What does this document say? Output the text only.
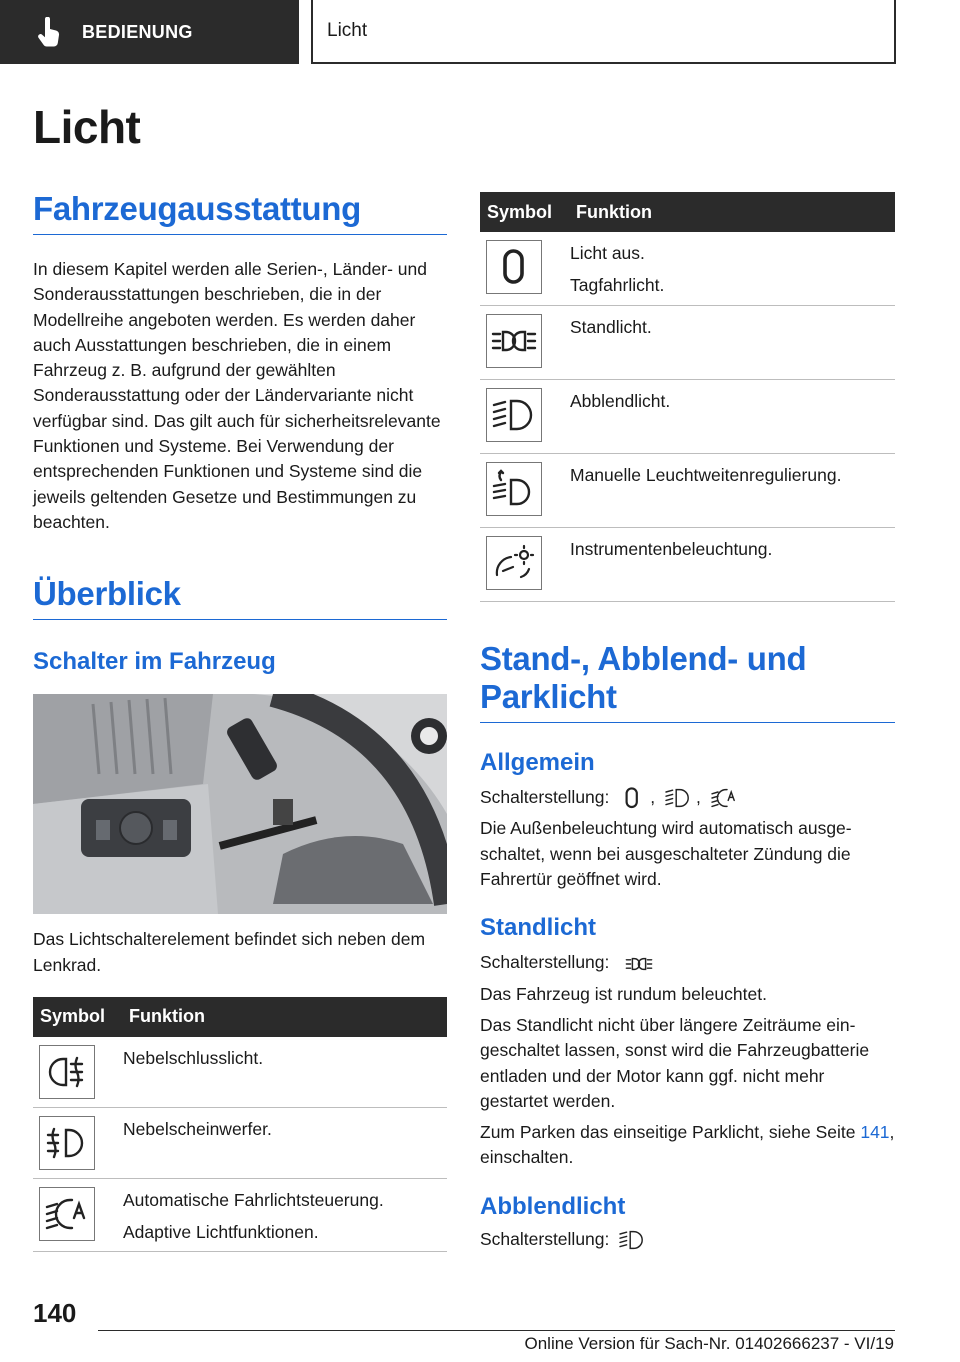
BEDIENUNG	Licht
Licht
Fahrzeugausstattung
In diesem Kapitel werden alle Serien-, Länder- und Sonderausstattungen beschrieben, die in der Modellreihe angeboten werden. Es werden daher auch Ausstattungen beschrieben, die in einem Fahrzeug z. B. aufgrund der gewählten Sonderausstattung oder der Ländervariante nicht verfügbar sind. Das gilt auch für sicherheitsrelevante Funktionen und Systeme. Bei Verwendung der entsprechenden Funktionen und Systeme sind die jeweils geltenden Gesetze und Bestimmungen zu beachten.
Überblick
Schalter im Fahrzeug
Das Lichtschalterelement befindet sich neben dem Lenkrad.
Symbol	Funktion

Nebelschlusslicht.

Nebelscheinwerfer.

Automatische Fahrlichtsteuerung.
Adaptive Lichtfunktionen.
Symbol	Funktion

Licht aus.
Tagfahrlicht.

Standlicht.

Abblendlicht.

Manuelle Leuchtweitenregulierung.

Instrumentenbeleuchtung.
Stand-, Abblend- und Parklicht
Allgemein
Schalterstellung: , ,
Die Außenbeleuchtung wird automatisch ausgeschaltet, wenn bei ausgeschalteter Zündung die Fahrertür geöffnet wird.
Standlicht
Schalterstellung:
Das Fahrzeug ist rundum beleuchtet.
Das Standlicht nicht über längere Zeiträume eingeschaltet lassen, sonst wird die Fahrzeugbatterie entladen und der Motor kann ggf. nicht mehr gestartet werden.
Zum Parken das einseitige Parklicht, siehe Seite 141, einschalten.
Abblendlicht
Schalterstellung:
140
Online Version für Sach-Nr. 01402666237 - VI/19
